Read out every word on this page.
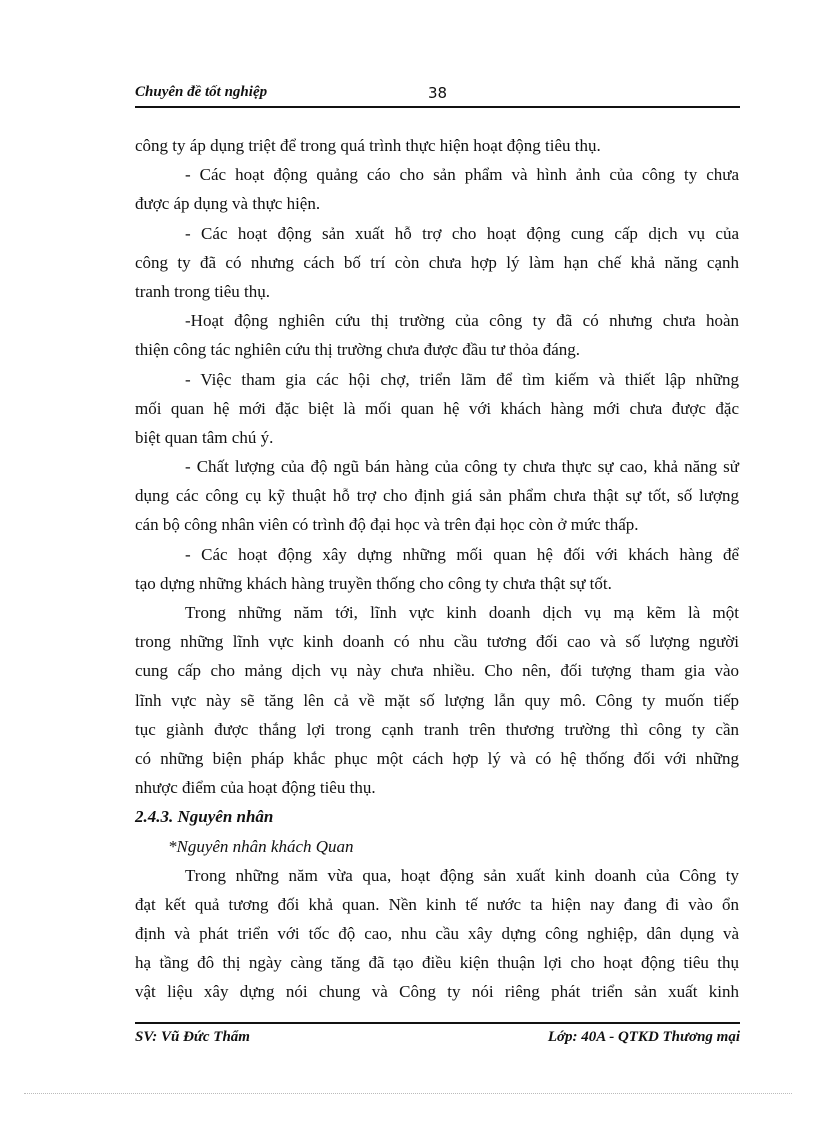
Chuyên đề tốt nghiệp	38
công ty áp dụng triệt để trong quá trình thực hiện hoạt động tiêu thụ.
- Các hoạt động quảng cáo cho sản phẩm và hình ảnh của công ty chưa
được áp dụng và thực hiện.
- Các hoạt động sản xuất hỗ trợ cho hoạt động cung cấp dịch vụ của
công ty đã có nhưng cách bố trí còn chưa hợp lý làm hạn chế khả năng cạnh
tranh trong tiêu thụ.
-Hoạt động nghiên cứu thị trường của công ty đã có nhưng chưa hoàn
thiện công tác nghiên cứu thị trường chưa được đầu tư thỏa đáng.
- Việc tham gia các hội chợ, triển lãm để tìm kiếm và thiết lập những
mối quan hệ mới đặc biệt là mối quan hệ với khách hàng mới chưa được đặc
biệt quan tâm chú ý.
- Chất lượng của độ ngũ bán hàng của công ty chưa thực sự cao, khả năng sử
dụng các công cụ kỹ thuật hỗ trợ cho định giá sản phẩm chưa thật sự tốt, số lượng
cán bộ công nhân viên có trình độ đại học và trên đại học còn ở mức thấp.
- Các hoạt động xây dựng những mối quan hệ đối với khách hàng để
tạo dựng những khách hàng truyền thống cho công ty chưa thật sự tốt.
Trong những năm tới, lĩnh vực kinh doanh dịch vụ mạ kẽm là một
trong những lĩnh vực kinh doanh có nhu cầu tương đối cao và số lượng người
cung cấp cho mảng dịch vụ này chưa nhiều. Cho nên, đối tượng tham gia vào
lĩnh vực này sẽ tăng lên cả về mặt số lượng lẫn quy mô. Công ty muốn tiếp
tục giành được thắng lợi trong cạnh tranh trên thương trường thì công ty cần
có những biện pháp khắc phục một cách hợp lý và có hệ thống đối với những
nhược điểm của hoạt động tiêu thụ.
2.4.3. Nguyên nhân
*Nguyên nhân khách Quan
Trong những năm vừa qua, hoạt động sản xuất kinh doanh của Công ty
đạt kết quả tương đối khả quan. Nền kinh tế nước ta hiện nay đang đi vào ổn
định và phát triển với tốc độ cao, nhu cầu xây dựng công nghiệp, dân dụng và
hạ tầng đô thị ngày càng tăng đã tạo điều kiện thuận lợi cho hoạt động tiêu thụ
vật liệu xây dựng nói chung và Công ty nói riêng phát triển sản xuất kinh
SV: Vũ Đức Thẩm	Lớp: 40A - QTKD Thương mại
